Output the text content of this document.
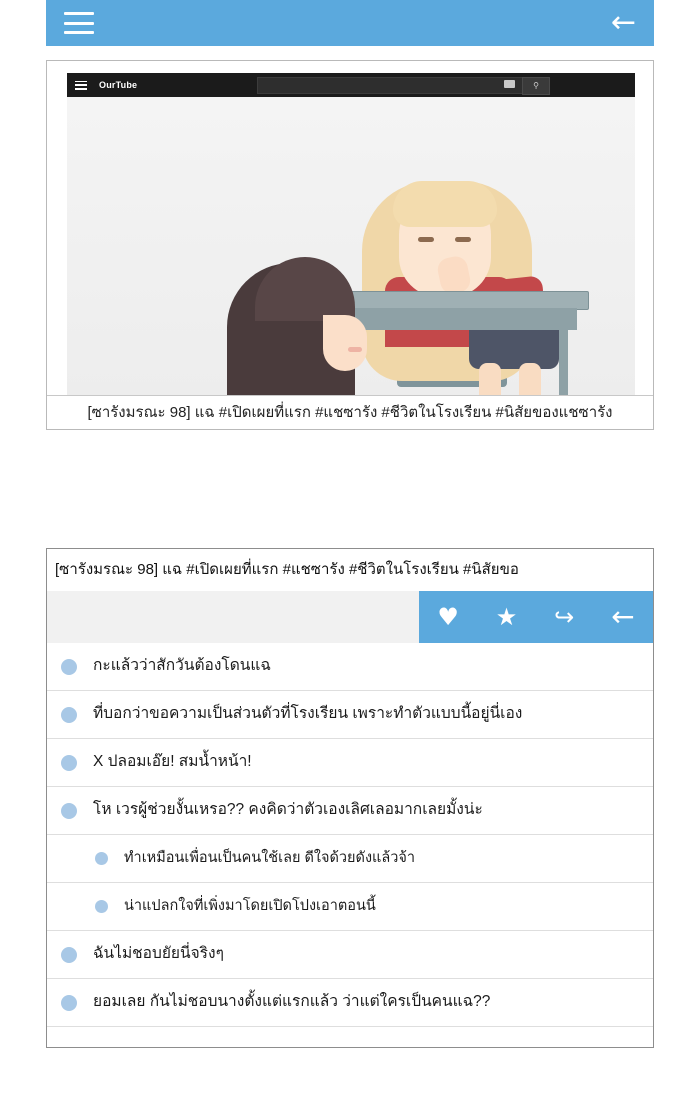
←
OurTube	⚲
[ซารังมรณะ 98] แฉ #เปิดเผยที่แรก #แชซารัง #ชีวิตในโรงเรียน #นิสัยของแชซารัง
[ซารังมรณะ 98] แฉ #เปิดเผยที่แรก #แชซารัง #ชีวิตในโรงเรียน #นิสัยขอ
♥ ★ ↪ ←
กะแล้วว่าสักวันต้องโดนแฉ
ที่บอกว่าขอความเป็นส่วนตัวที่โรงเรียน เพราะทำตัวแบบนี้อยู่นี่เอง
X ปลอมเอ๊ย! สมน้ำหน้า!
โห เวรผู้ช่วยงั้นเหรอ?? คงคิดว่าตัวเองเลิศเลอมากเลยมั้งน่ะ
ทำเหมือนเพื่อนเป็นคนใช้เลย ดีใจด้วยดังแล้วจ้า
น่าแปลกใจที่เพิ่งมาโดยเปิดโปงเอาตอนนี้
ฉันไม่ชอบยัยนี่จริงๆ
ยอมเลย กันไม่ชอบนางตั้งแต่แรกแล้ว ว่าแต่ใครเป็นคนแฉ??
